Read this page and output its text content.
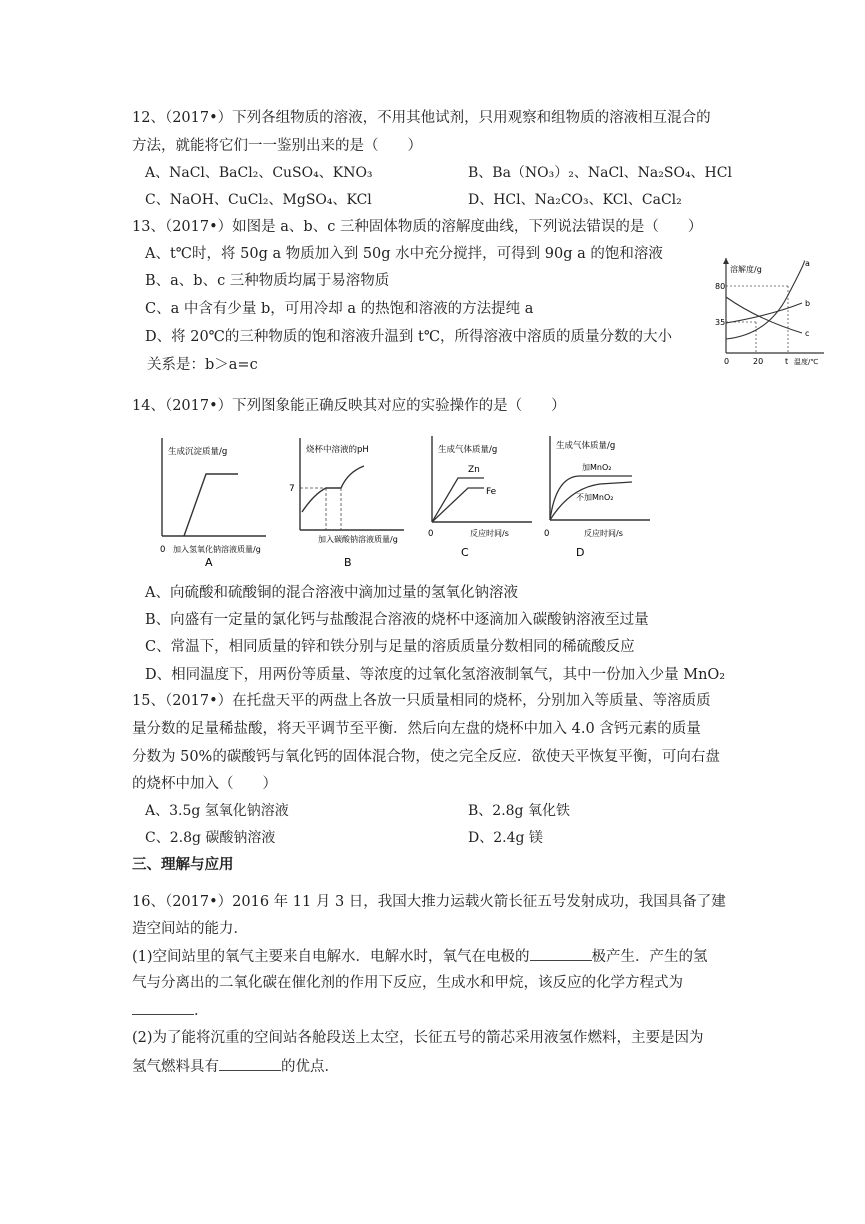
12、（2017•）下列各组物质的溶液，不用其他试剂，只用观察和组物质的溶液相互混合的
方法，就能将它们一一鉴别出来的是（　　）
A、NaCl、BaCl₂、CuSO₄、KNO₃	B、Ba（NO₃）₂、NaCl、Na₂SO₄、HCl
C、NaOH、CuCl₂、MgSO₄、KCl	D、HCl、Na₂CO₃、KCl、CaCl₂
13、（2017•）如图是 a、b、c 三种固体物质的溶解度曲线，下列说法错误的是（　　）
A、t℃时，将 50g a 物质加入到 50g 水中充分搅拌，可得到 90g a 的饱和溶液
B、a、b、c 三种物质均属于易溶物质
C、a 中含有少量 b，可用冷却 a 的热饱和溶液的方法提纯 a
D、将 20℃的三种物质的饱和溶液升温到 t℃，所得溶液中溶质的质量分数的大小
关系是：b＞a=c
溶解度/g
80
35
0	20	t 温度/℃
a
b
c
14、（2017•）下列图象能正确反映其对应的实验操作的是（　　）
生成沉淀质量/g
0 加入氢氧化钠溶液质量/g
A
烧杯中溶液的pH
7
加入碳酸钠溶液质量/g
B
生成气体质量/g
Zn
Fe
0	反应时间/s
C
生成气体质量/g
加MnO₂
不加MnO₂
0	反应时间/s
D
A、向硫酸和硫酸铜的混合溶液中滴加过量的氢氧化钠溶液
B、向盛有一定量的氯化钙与盐酸混合溶液的烧杯中逐滴加入碳酸钠溶液至过量
C、常温下，相同质量的锌和铁分别与足量的溶质质量分数相同的稀硫酸反应
D、相同温度下，用两份等质量、等浓度的过氧化氢溶液制氧气，其中一份加入少量 MnO₂
15、（2017•）在托盘天平的两盘上各放一只质量相同的烧杯，分别加入等质量、等溶质质
量分数的足量稀盐酸，将天平调节至平衡．然后向左盘的烧杯中加入 4.0 含钙元素的质量
分数为 50%的碳酸钙与氧化钙的固体混合物，使之完全反应．欲使天平恢复平衡，可向右盘
的烧杯中加入（　　）
A、3.5g 氢氧化钠溶液	B、2.8g 氧化铁
C、2.8g 碳酸钠溶液	D、2.4g 镁
三、理解与应用
16、（2017•）2016 年 11 月 3 日，我国大推力运载火箭长征五号发射成功，我国具备了建
造空间站的能力．
(1)空间站里的氧气主要来自电解水．电解水时，氧气在电极的	极产生．产生的氢
气与分离出的二氧化碳在催化剂的作用下反应，生成水和甲烷，该反应的化学方程式为
．
(2)为了能将沉重的空间站各舱段送上太空，长征五号的箭芯采用液氢作燃料，主要是因为
氢气燃料具有	的优点．
